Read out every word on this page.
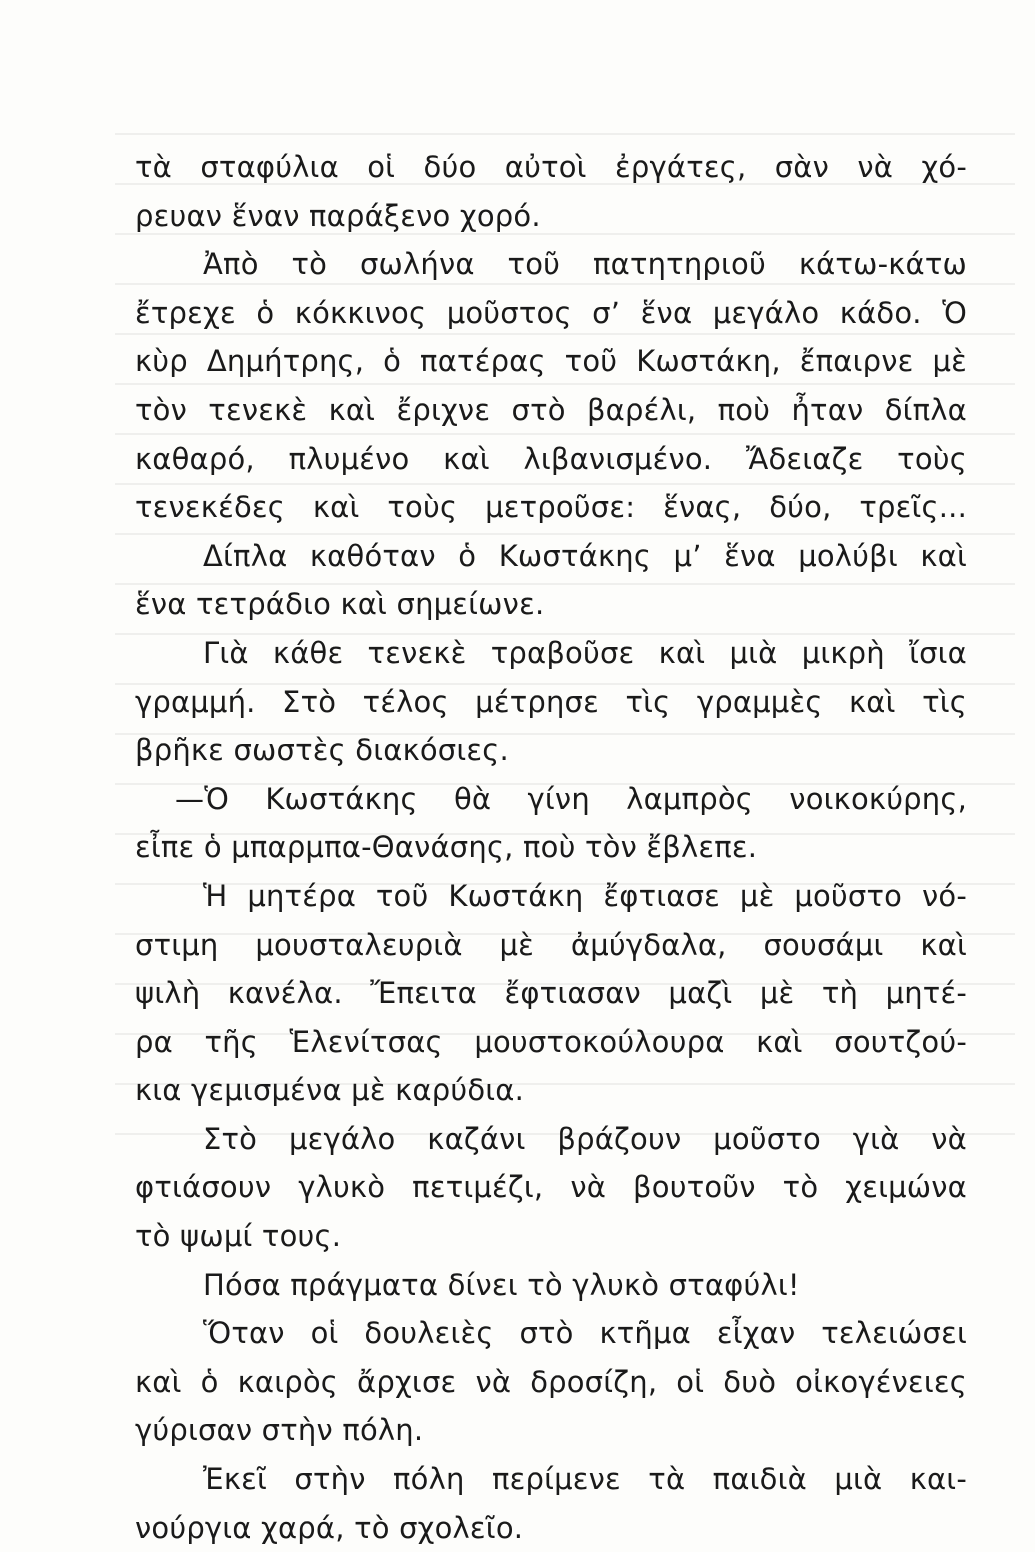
τὰ σταφύλια οἱ δύο αὐτοὶ ἐργάτες, σὰν νὰ χό-
ρευαν ἕναν παράξενο χορό.
Ἀπὸ τὸ σωλήνα τοῦ πατητηριοῦ κάτω-κάτω
ἔτρεχε ὁ κόκκινος μοῦστος σ’ ἕνα μεγάλο κάδο. Ὁ
κὺρ Δημήτρης, ὁ πατέρας τοῦ Κωστάκη, ἔπαιρνε μὲ
τὸν τενεκὲ καὶ ἔριχνε στὸ βαρέλι, ποὺ ἦταν δίπλα
καθαρό, πλυμένο καὶ λιβανισμένο. Ἄδειαζε τοὺς
τενεκέδες καὶ τοὺς μετροῦσε: ἕνας, δύο, τρεῖς...
Δίπλα καθόταν ὁ Κωστάκης μ’ ἕνα μολύβι καὶ
ἕνα τετράδιο καὶ σημείωνε.
Γιὰ κάθε τενεκὲ τραβοῦσε καὶ μιὰ μικρὴ ἴσια
γραμμή. Στὸ τέλος μέτρησε τὶς γραμμὲς καὶ τὶς
βρῆκε σωστὲς διακόσιες.
—Ὁ Κωστάκης θὰ γίνη λαμπρὸς νοικοκύρης,
εἶπε ὁ μπαρμπα-Θανάσης, ποὺ τὸν ἔβλεπε.
Ἡ μητέρα τοῦ Κωστάκη ἔφτιασε μὲ μοῦστο νό-
στιμη μουσταλευριὰ μὲ ἀμύγδαλα, σουσάμι καὶ
ψιλὴ κανέλα. Ἔπειτα ἔφτιασαν μαζὶ μὲ τὴ μητέ-
ρα τῆς Ἑλενίτσας μουστοκούλουρα καὶ σουτζού-
κια γεμισμένα μὲ καρύδια.
Στὸ μεγάλο καζάνι βράζουν μοῦστο γιὰ νὰ
φτιάσουν γλυκὸ πετιμέζι, νὰ βουτοῦν τὸ χειμώνα
τὸ ψωμί τους.
Πόσα πράγματα δίνει τὸ γλυκὸ σταφύλι!
Ὅταν οἱ δουλειὲς στὸ κτῆμα εἶχαν τελειώσει
καὶ ὁ καιρὸς ἄρχισε νὰ δροσίζη, οἱ δυὸ οἰκογένειες
γύρισαν στὴν πόλη.
Ἐκεῖ στὴν πόλη περίμενε τὰ παιδιὰ μιὰ και-
νούργια χαρά, τὸ σχολεῖο.
